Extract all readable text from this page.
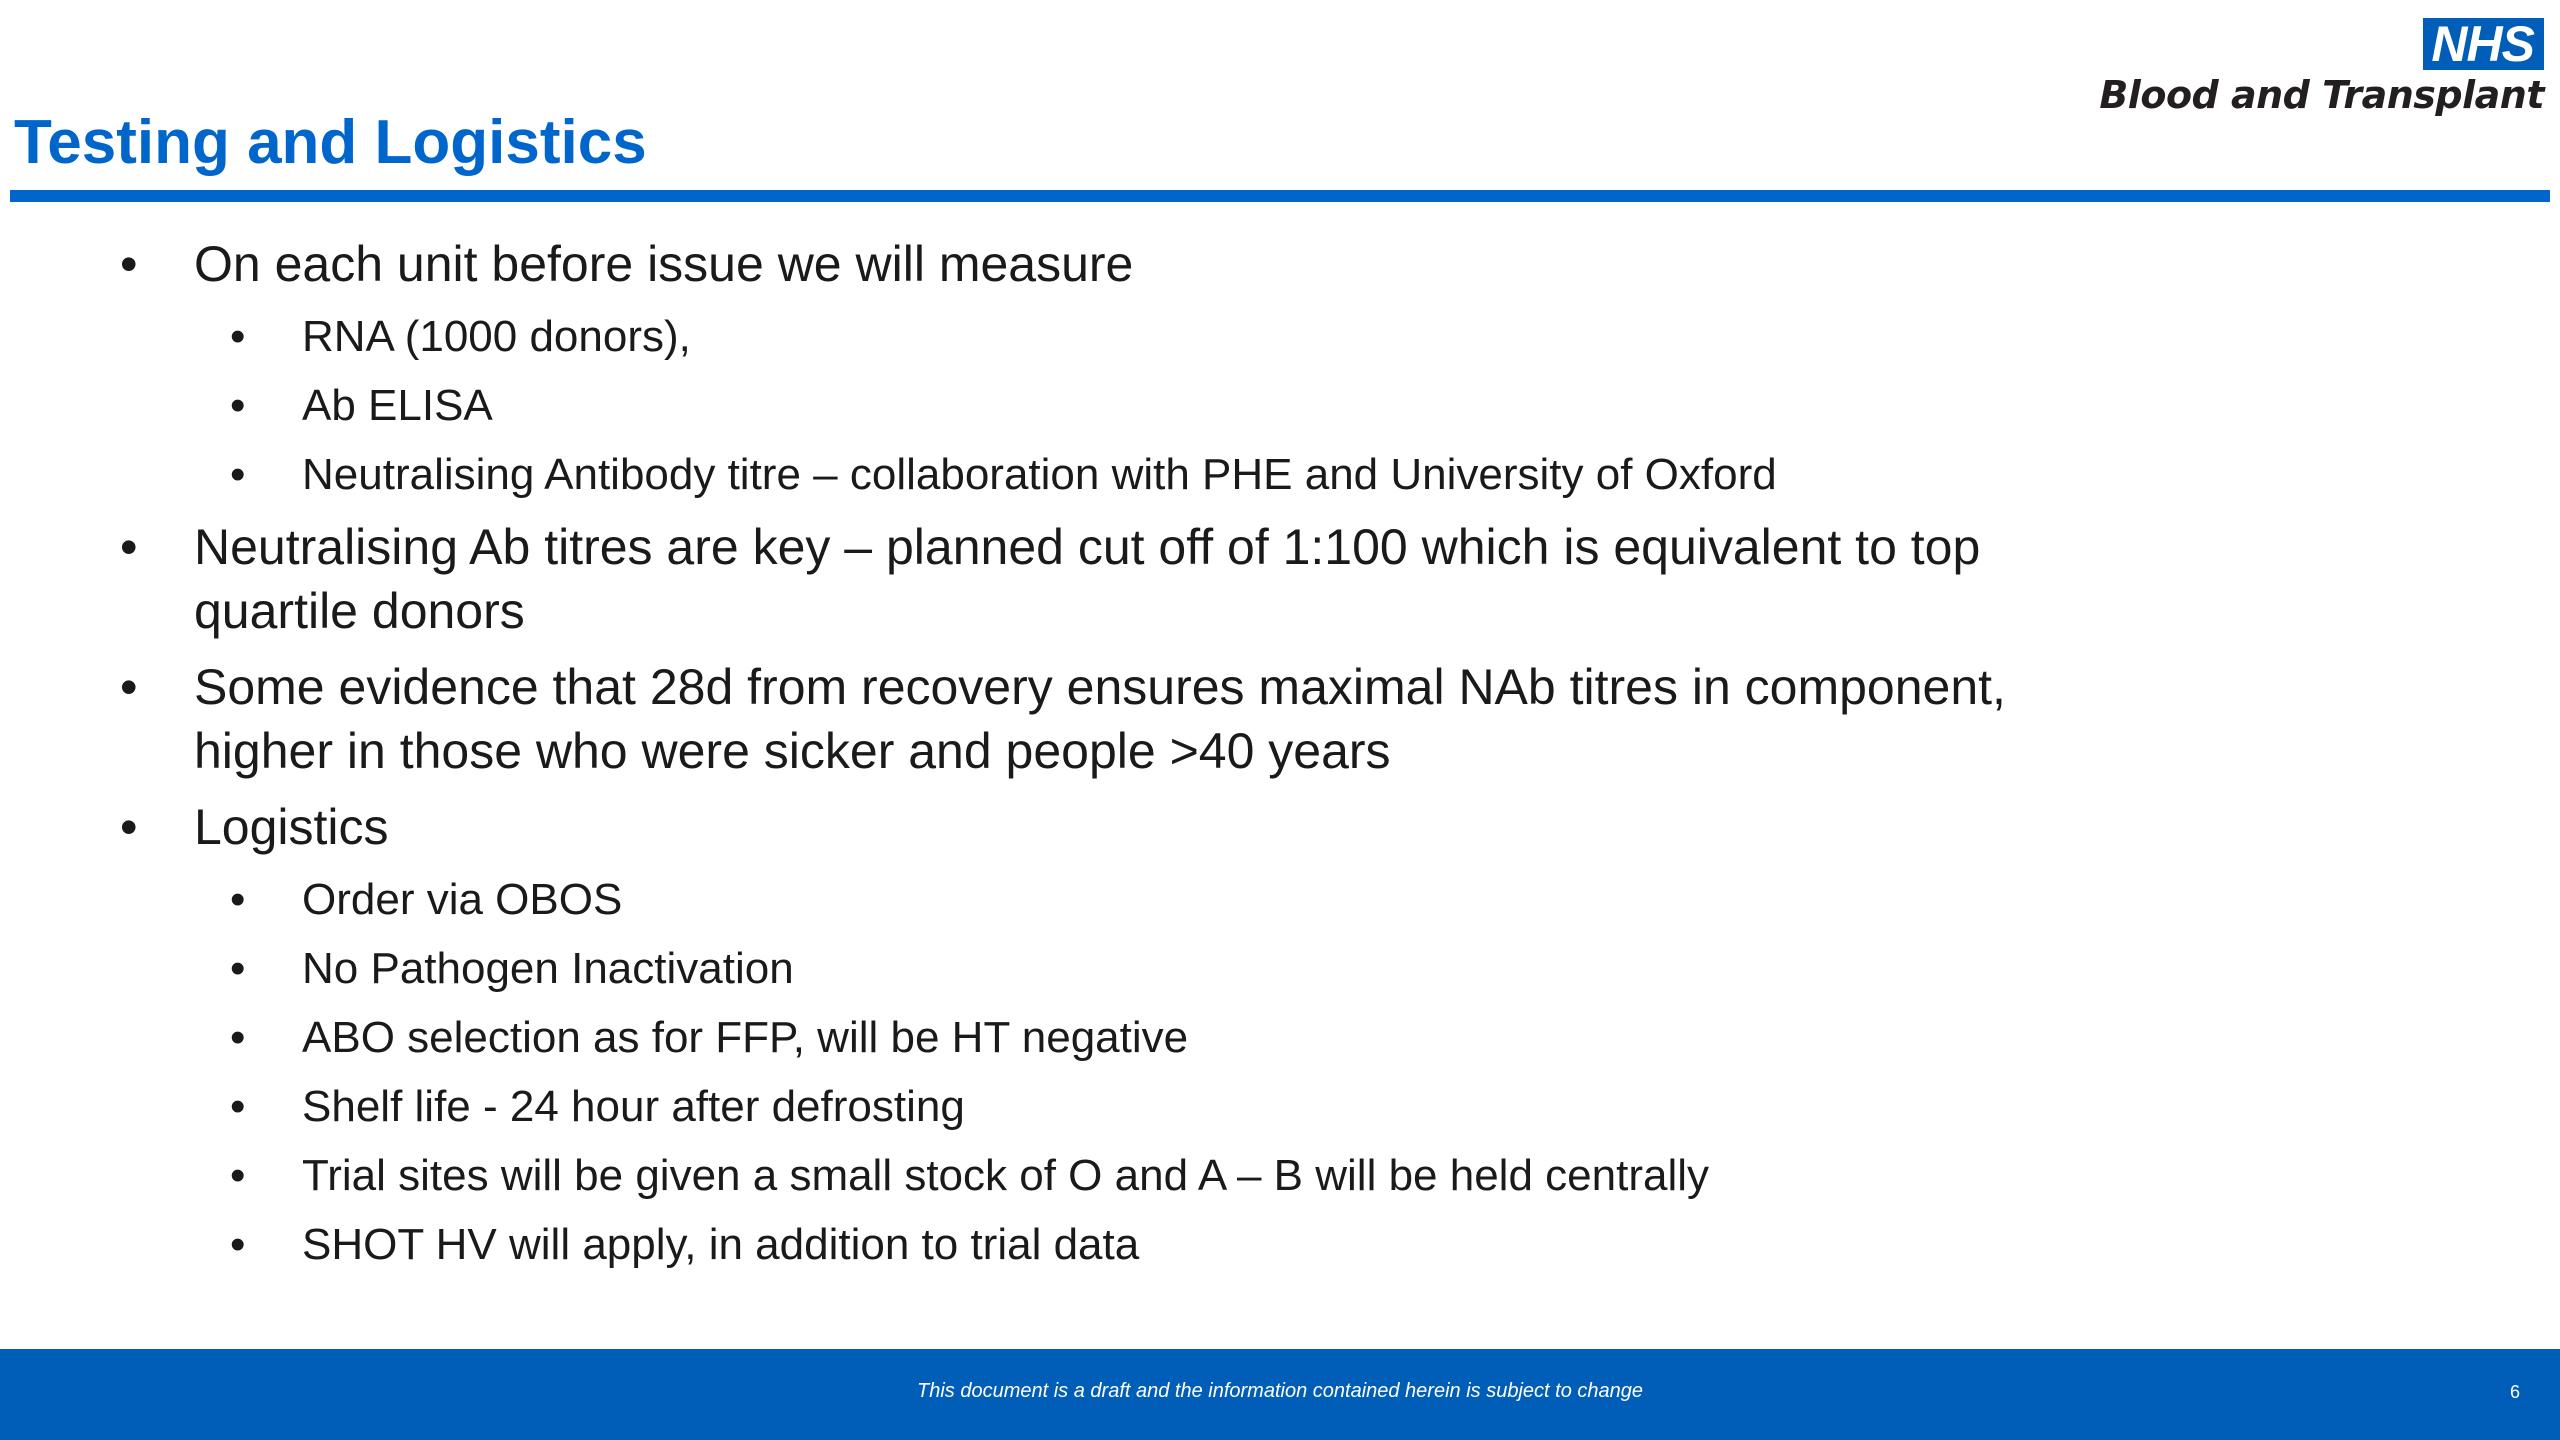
NHS
Blood and Transplant
Testing and Logistics
• On each unit before issue we will measure
• RNA (1000 donors),
• Ab ELISA
• Neutralising Antibody titre – collaboration with PHE and University of Oxford
• Neutralising Ab titres are key – planned cut off of 1:100 which is equivalent to top quartile donors
• Some evidence that 28d from recovery ensures maximal NAb titres in component, higher in those who were sicker and people >40 years
• Logistics
• Order via OBOS
• No Pathogen Inactivation
• ABO selection as for FFP, will be HT negative
• Shelf life - 24 hour after defrosting
• Trial sites will be given a small stock of O and A – B will be held centrally
• SHOT HV will apply, in addition to trial data
This document is a draft and the information contained herein is subject to change	6
